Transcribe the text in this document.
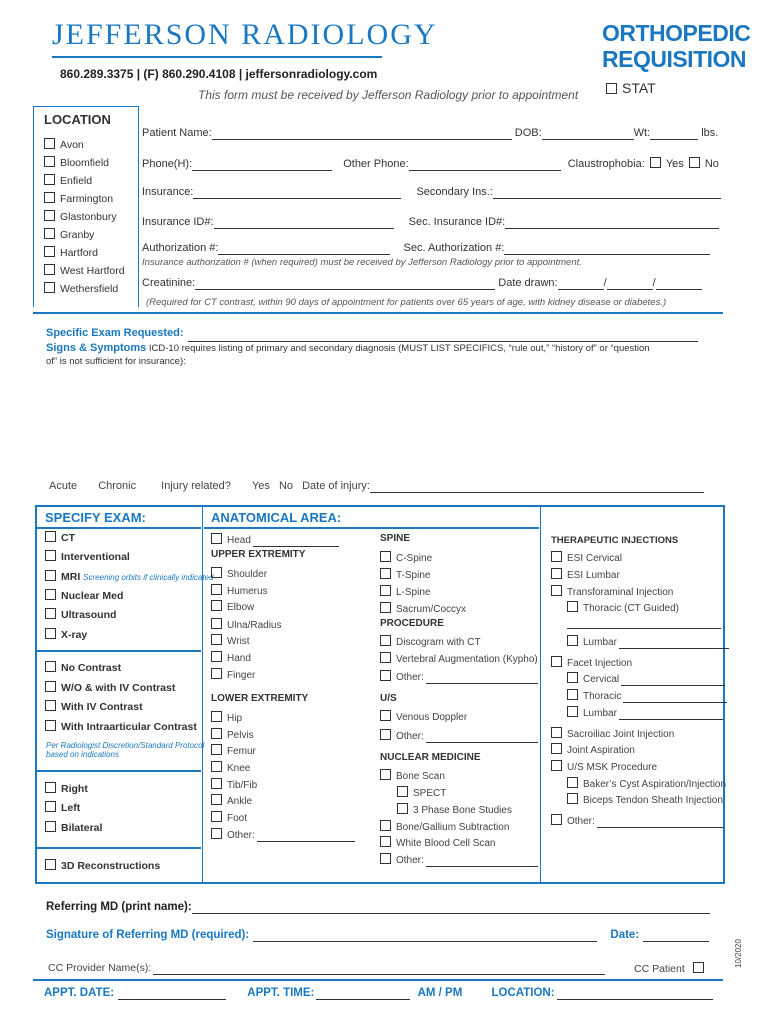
JEFFERSON RADIOLOGY
860.289.3375 | (F) 860.290.4108 | jeffersonradiology.com
This form must be received by Jefferson Radiology prior to appointment
ORTHOPEDIC
REQUISITION
STAT
LOCATION
Avon
Bloomfield
Enfield
Farmington
Glastonbury
Granby
Hartford
West Hartford
Wethersfield
Patient Name:	DOB:	Wt:	lbs.
Phone(H):	Other Phone:	Claustrophobia: Yes No
Insurance:	Secondary Ins.:
Insurance ID#:	Sec. Insurance ID#:
Authorization #:	Sec. Authorization #:
Insurance authorization # (when required) must be received by Jefferson Radiology prior to appointment.
Creatinine:	Date drawn:	/	/
(Required for CT contrast, within 90 days of appointment for patients over 65 years of age, with kidney disease or diabetes.)
Specific Exam Requested:
Signs & Symptoms ICD-10 requires listing of primary and secondary diagnosis (MUST LIST SPECIFICS, “rule out,” “history of” or “question
of” is not sufficient for insurance):
Acute Chronic Injury related? Yes No Date of injury:
SPECIFY EXAM:	ANATOMICAL AREA:
CT
Interventional
MRI Screening orbits if clinically indicated
Nuclear Med
Ultrasound
X-ray
No Contrast
W/O & with IV Contrast
With IV Contrast
With Intraarticular Contrast
Per Radiologist Discretion/Standard Protocol
based on indications
Right
Left
Bilateral
3D Reconstructions
Head
UPPER EXTREMITY
Shoulder
Humerus
Elbow
Ulna/Radius
Wrist
Hand
Finger
LOWER EXTREMITY
Hip
Pelvis
Femur
Knee
Tib/Fib
Ankle
Foot
Other:
SPINE
C-Spine
T-Spine
L-Spine
Sacrum/Coccyx
PROCEDURE
Discogram with CT
Vertebral Augmentation (Kypho)
Other:
U/S
Venous Doppler
Other:
NUCLEAR MEDICINE
Bone Scan
SPECT
3 Phase Bone Studies
Bone/Gallium Subtraction
White Blood Cell Scan
Other:
THERAPEUTIC INJECTIONS
ESI Cervical
ESI Lumbar
Transforaminal Injection
Thoracic (CT Guided)
Lumbar
Facet Injection
Cervical
Thoracic
Lumbar
Sacroiliac Joint Injection
Joint Aspiration
U/S MSK Procedure
Baker’s Cyst Aspiration/Injection
Biceps Tendon Sheath Injection
Other:
Referring MD (print name):
Signature of Referring MD (required):	Date:
CC Provider Name(s):	CC Patient
10/2020
APPT. DATE:	APPT. TIME:	AM / PM	LOCATION:
